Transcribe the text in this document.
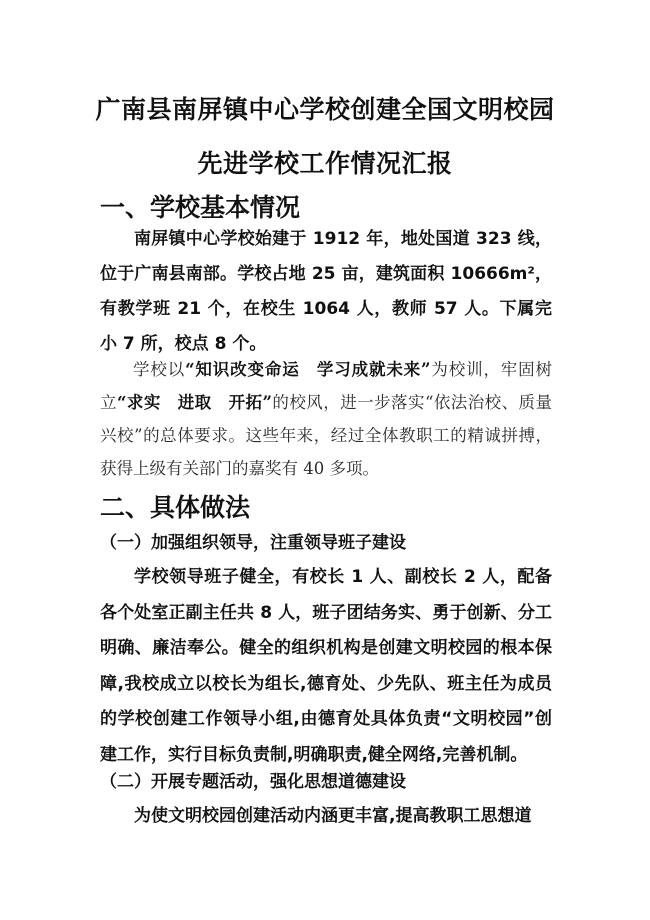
广南县南屏镇中心学校创建全国文明校园
先进学校工作情况汇报
一、学校基本情况

南屏镇中心学校始建于 1912 年，地处国道 323 线，位于广南县南部。学校占地 25 亩，建筑面积 10666m²，有教学班 21 个，在校生 1064 人，教师 57 人。下属完小 7 所，校点 8 个。

学校以“知识改变命运　学习成就未来”为校训，牢固树立“求实　进取　开拓”的校风，进一步落实“依法治校、质量兴校”的总体要求。这些年来，经过全体教职工的精诚拼搏，获得上级有关部门的嘉奖有 40 多项。

二、具体做法
（一）加强组织领导，注重领导班子建设

学校领导班子健全，有校长 1 人、副校长 2 人，配备各个处室正副主任共 8 人，班子团结务实、勇于创新、分工明确、廉洁奉公。健全的组织机构是创建文明校园的根本保障,我校成立以校长为组长,德育处、少先队、班主任为成员的学校创建工作领导小组,由德育处具体负责“文明校园”创建工作，实行目标负责制,明确职责,健全网络,完善机制。

（二）开展专题活动，强化思想道德建设

为使文明校园创建活动内涵更丰富,提高教职工思想道
